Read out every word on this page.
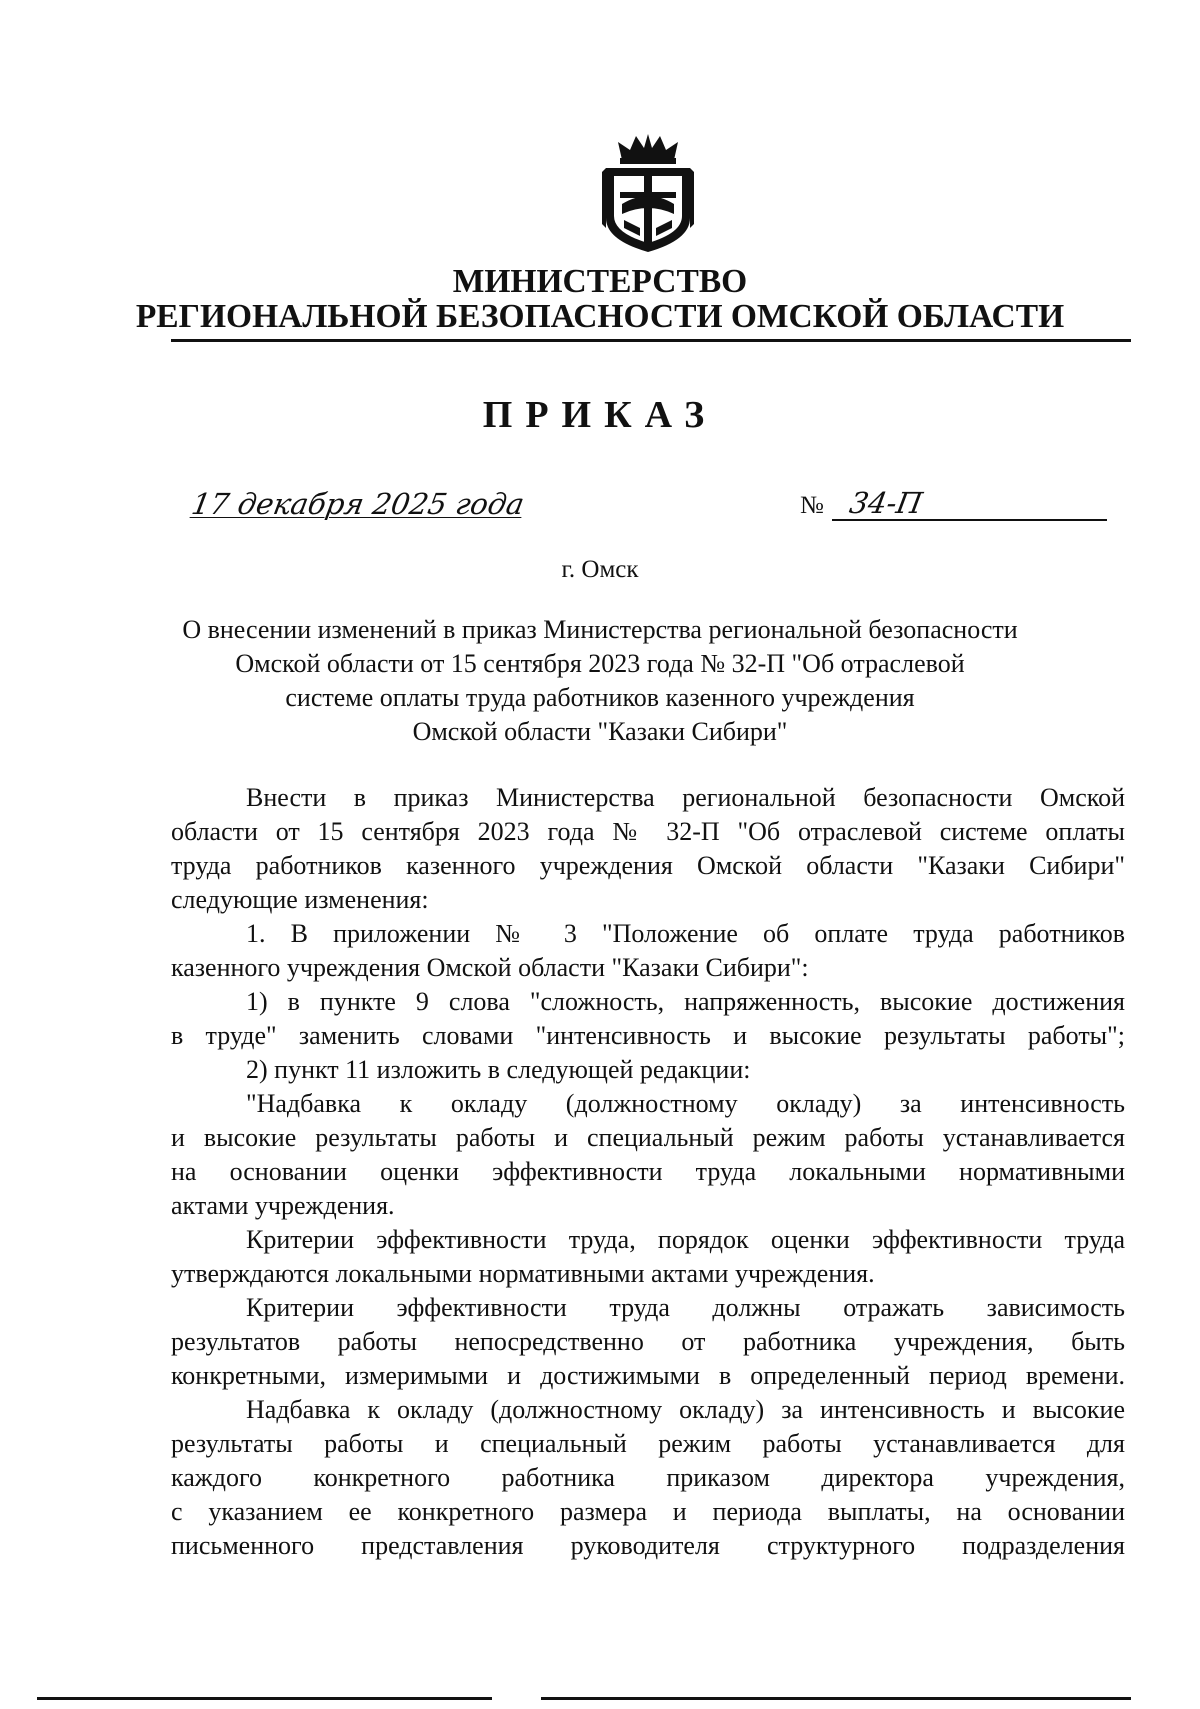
МИНИСТЕРСТВО
РЕГИОНАЛЬНОЙ БЕЗОПАСНОСТИ ОМСКОЙ ОБЛАСТИ
ПРИКАЗ
17 декабря 2025 года	№ 34-П
г. Омск
О внесении изменений в приказ Министерства региональной безопасности
Омской области от 15 сентября 2023 года № 32-П "Об отраслевой
системе оплаты труда работников казенного учреждения
Омской области "Казаки Сибири"
Внести в приказ Министерства региональной безопасности Омской
области от 15 сентября 2023 года № 32-П "Об отраслевой системе оплаты
труда работников казенного учреждения Омской области "Казаки Сибири"
следующие изменения:
1. В приложении № 3 "Положение об оплате труда работников
казенного учреждения Омской области "Казаки Сибири":
1) в пункте 9 слова "сложность, напряженность, высокие достижения
в труде" заменить словами "интенсивность и высокие результаты работы";
2) пункт 11 изложить в следующей редакции:
"Надбавка к окладу (должностному окладу) за интенсивность
и высокие результаты работы и специальный режим работы устанавливается
на основании оценки эффективности труда локальными нормативными
актами учреждения.
Критерии эффективности труда, порядок оценки эффективности труда
утверждаются локальными нормативными актами учреждения.
Критерии эффективности труда должны отражать зависимость
результатов работы непосредственно от работника учреждения, быть
конкретными, измеримыми и достижимыми в определенный период времени.
Надбавка к окладу (должностному окладу) за интенсивность и высокие
результаты работы и специальный режим работы устанавливается для
каждого конкретного работника приказом директора учреждения,
с указанием ее конкретного размера и периода выплаты, на основании
письменного представления руководителя структурного подразделения
